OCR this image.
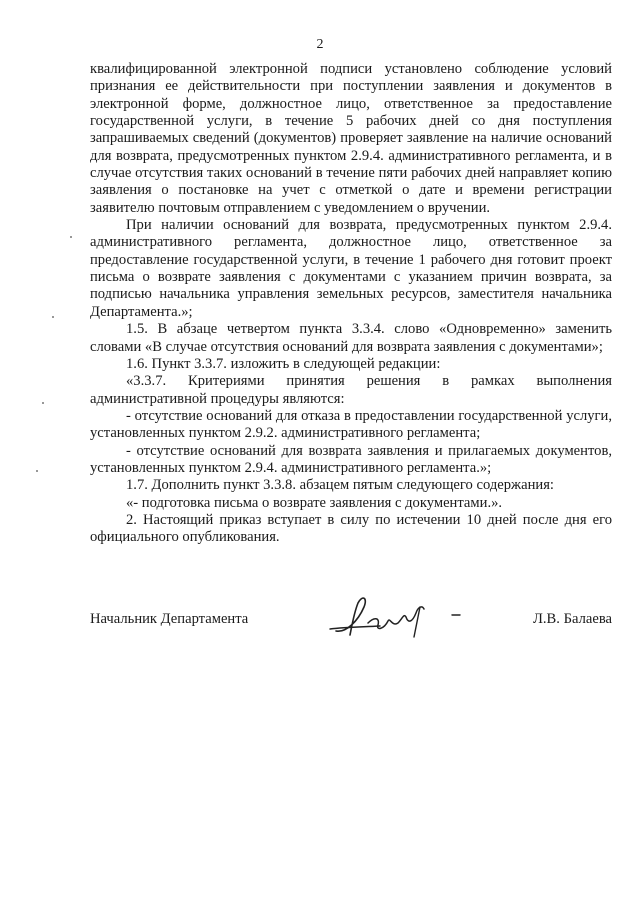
2

квалифицированной электронной подписи установлено соблюдение условий признания ее действительности при поступлении заявления и документов в электронной форме, должностное лицо, ответственное за предоставление государственной услуги, в течение 5 рабочих дней со дня поступления запрашиваемых сведений (документов) проверяет заявление на наличие оснований для возврата, предусмотренных пунктом 2.9.4. административного регламента, и в случае отсутствия таких оснований в течение пяти рабочих дней направляет копию заявления о постановке на учет с отметкой о дате и времени регистрации заявителю почтовым отправлением с уведомлением о вручении.

При наличии оснований для возврата, предусмотренных пунктом 2.9.4. административного регламента, должностное лицо, ответственное за предоставление государственной услуги, в течение 1 рабочего дня готовит проект письма о возврате заявления с документами с указанием причин возврата, за подписью начальника управления земельных ресурсов, заместителя начальника Департамента.»;

1.5. В абзаце четвертом пункта 3.3.4. слово «Одновременно» заменить словами «В случае отсутствия оснований для возврата заявления с документами»;

1.6. Пункт 3.3.7. изложить в следующей редакции:

«3.3.7. Критериями принятия решения в рамках выполнения административной процедуры являются:

- отсутствие оснований для отказа в предоставлении государственной услуги, установленных пунктом 2.9.2. административного регламента;

- отсутствие оснований для возврата заявления и прилагаемых документов, установленных пунктом 2.9.4. административного регламента.»;

1.7. Дополнить пункт 3.3.8. абзацем пятым следующего содержания:

«- подготовка письма о возврате заявления с документами.».

2. Настоящий приказ вступает в силу по истечении 10 дней после дня его официального опубликования.

Начальник Департамента	Л.В. Балаева
